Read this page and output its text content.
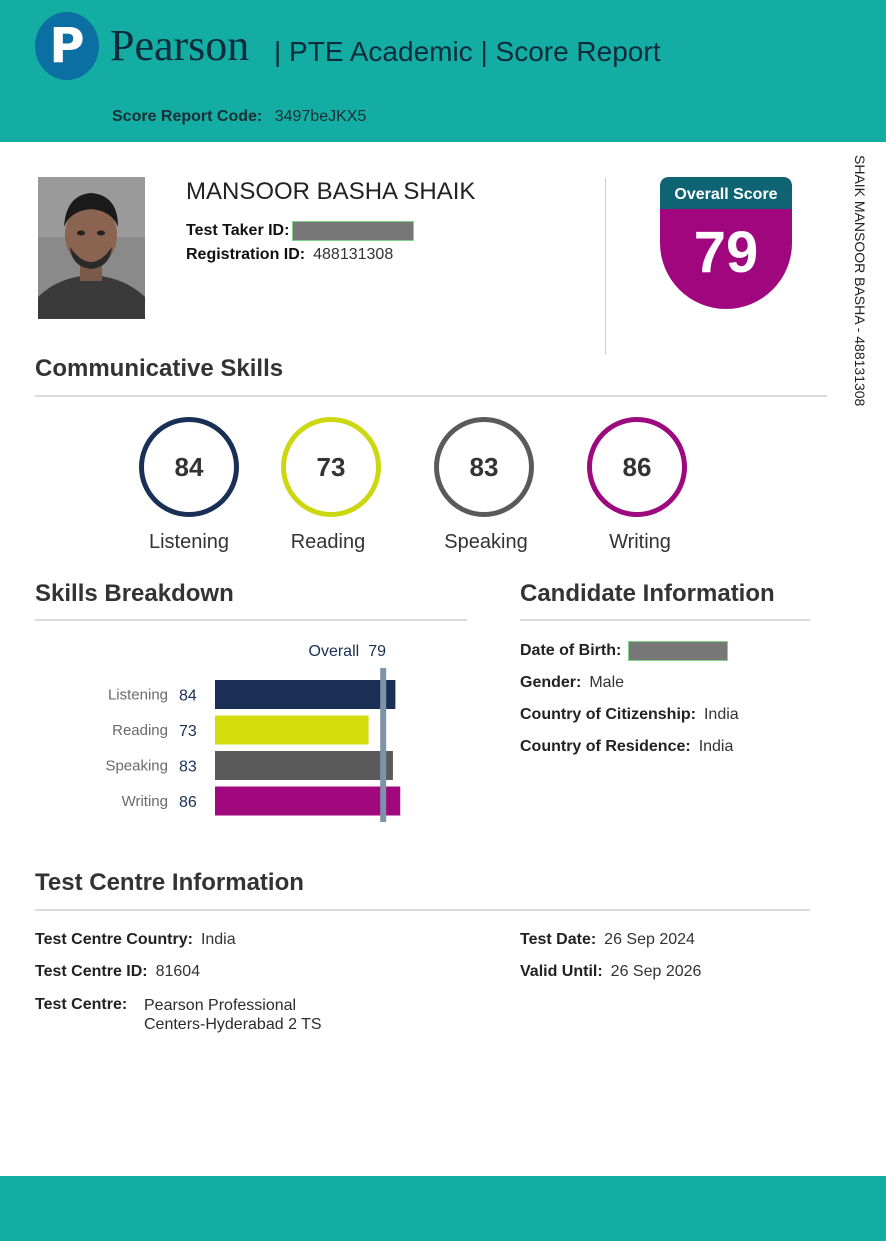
P Pearson | PTE Academic | Score Report
Score Report Code: 3497beJKX5
SHAIK MANSOOR BASHA - 488131308
MANSOOR BASHA SHAIK
Test Taker ID:
Registration ID: 488131308
Overall Score
79
Communicative Skills
84	73	83	86
Listening	Reading	Speaking	Writing
Skills Breakdown
Listening 84
Reading 73
Speaking 83
Writing 86
Overall 79
Candidate Information
Date of Birth:
Gender: Male
Country of Citizenship: India
Country of Residence: India
Test Centre Information
Test Centre Country: India
Test Centre ID: 81604
Test Centre: Pearson Professional
Centers-Hyderabad 2 TS
Test Date: 26 Sep 2024
Valid Until: 26 Sep 2026
